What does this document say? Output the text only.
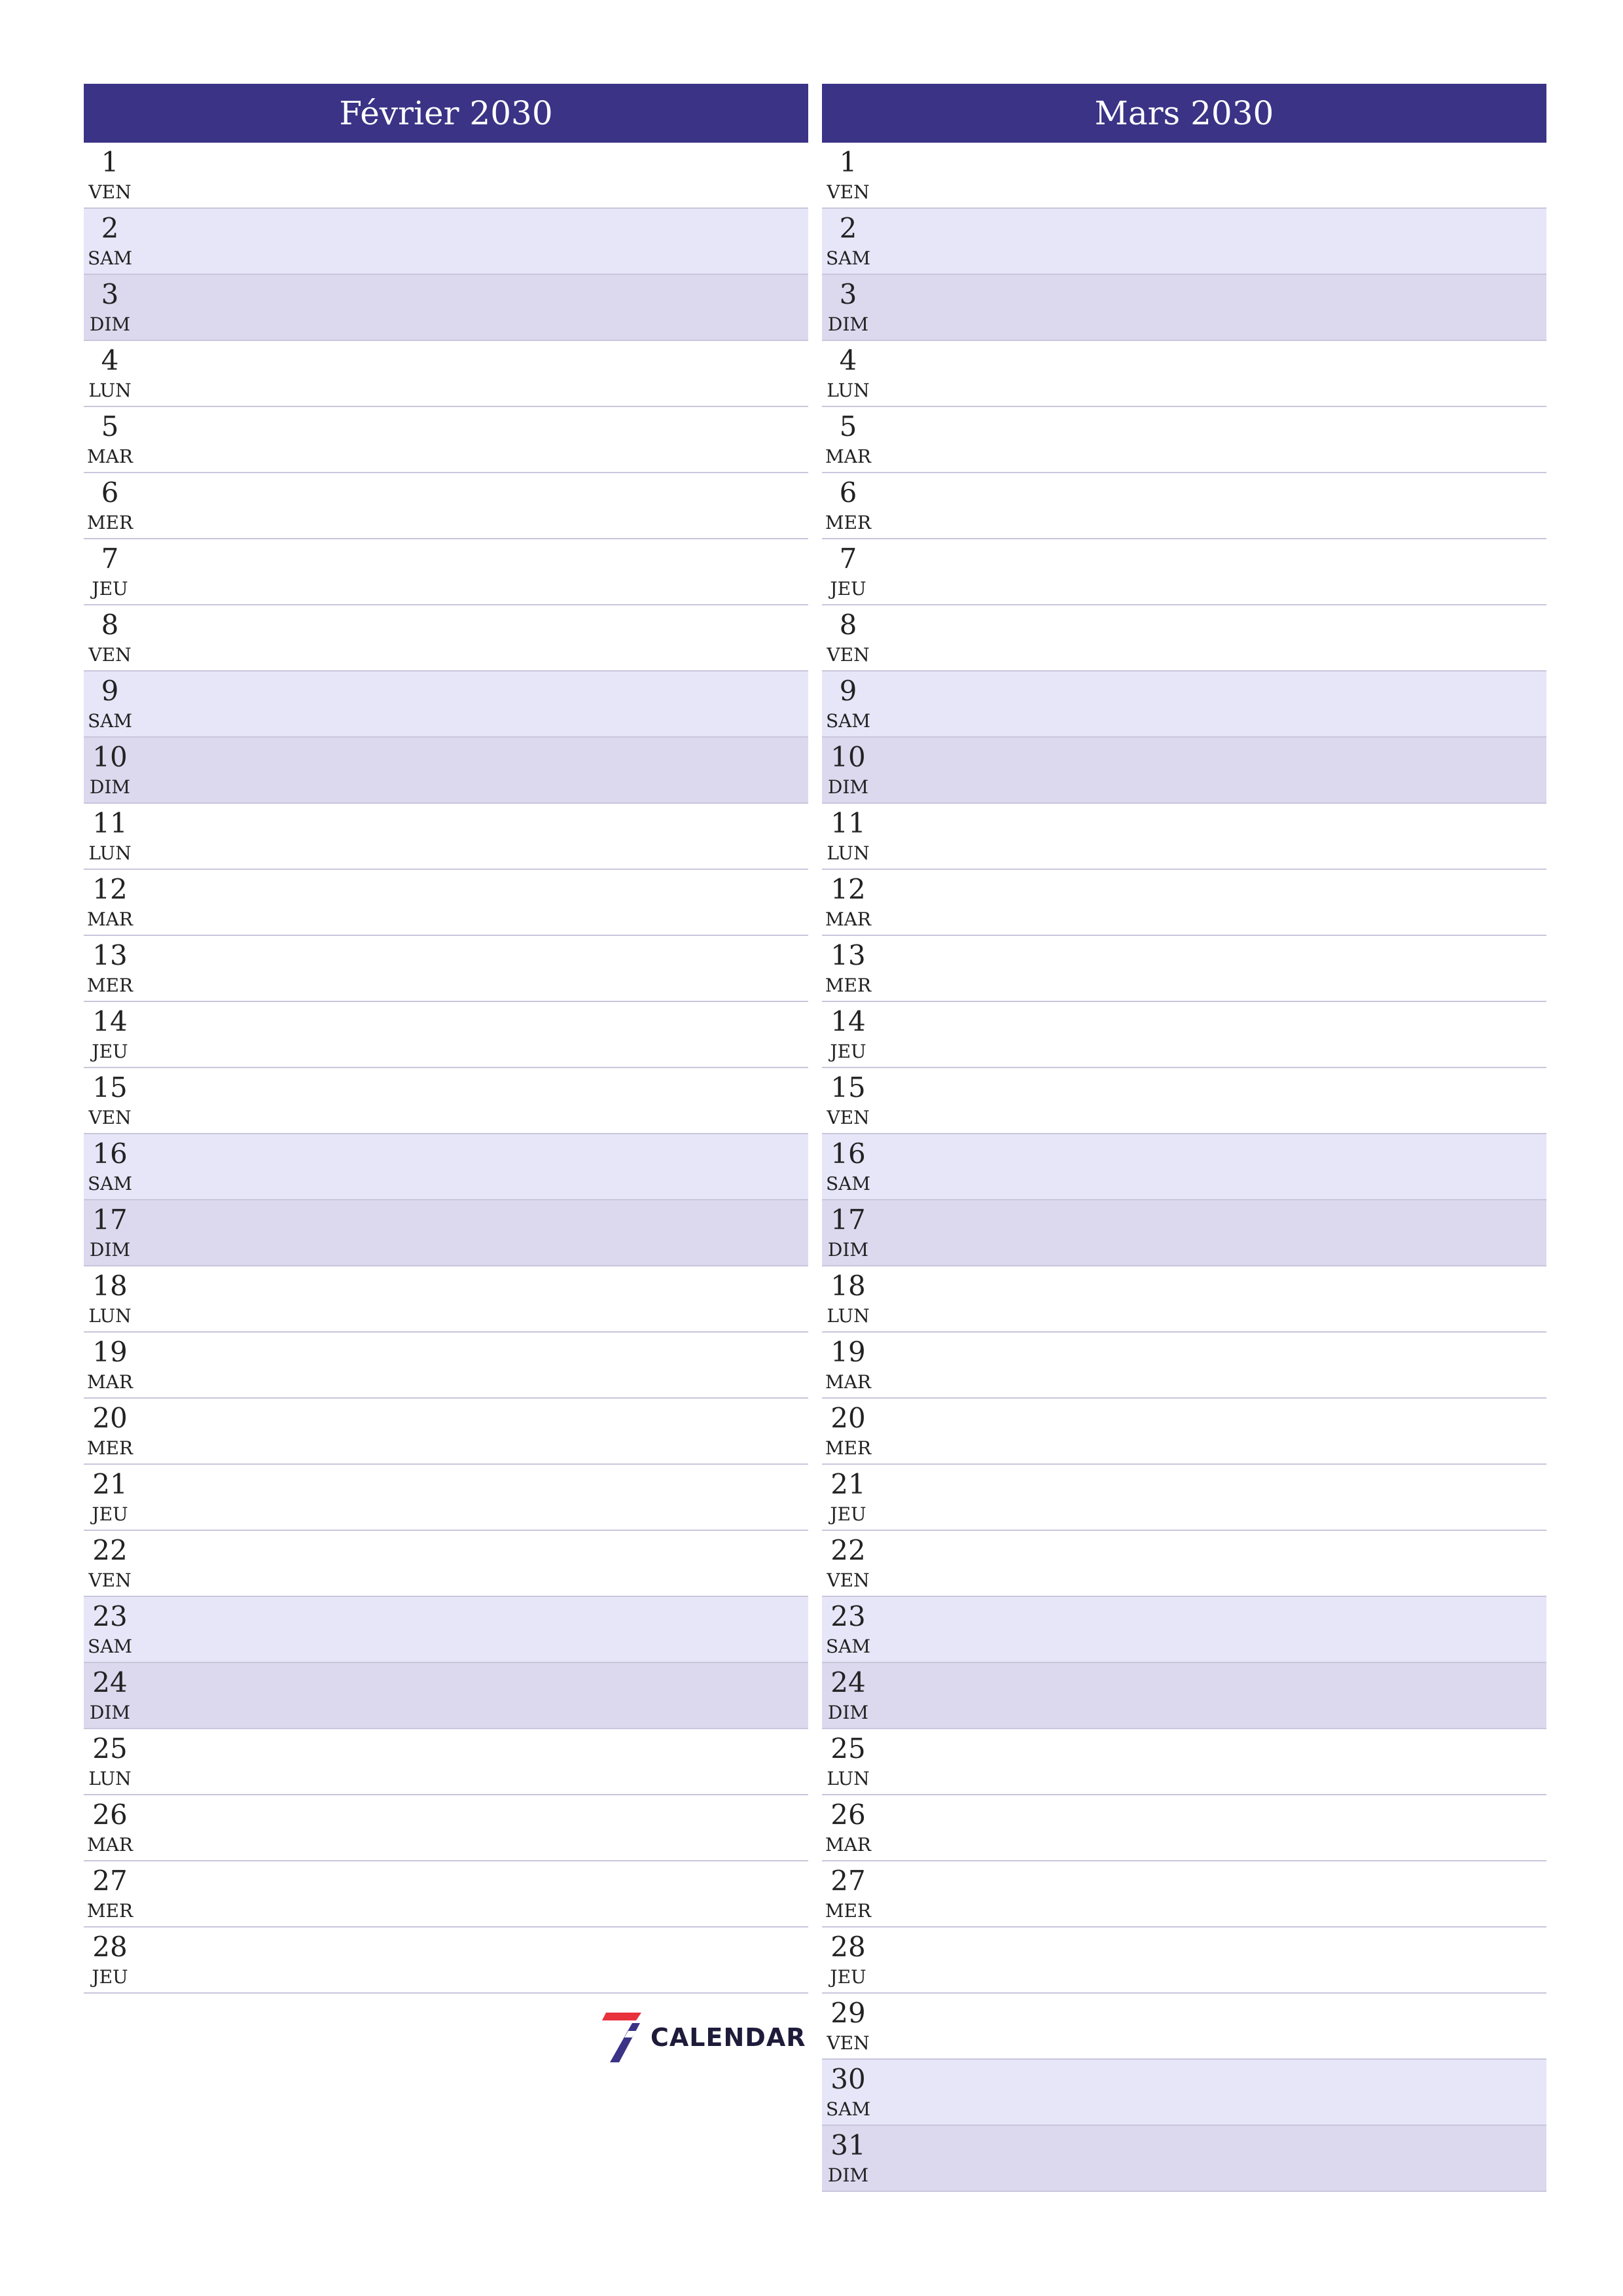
Février 2030
1
VEN
2
SAM
3
DIM
4
LUN
5
MAR
6
MER
7
JEU
8
VEN
9
SAM
10
DIM
11
LUN
12
MAR
13
MER
14
JEU
15
VEN
16
SAM
17
DIM
18
LUN
19
MAR
20
MER
21
JEU
22
VEN
23
SAM
24
DIM
25
LUN
26
MAR
27
MER
28
JEU
Mars 2030
1
VEN
2
SAM
3
DIM
4
LUN
5
MAR
6
MER
7
JEU
8
VEN
9
SAM
10
DIM
11
LUN
12
MAR
13
MER
14
JEU
15
VEN
16
SAM
17
DIM
18
LUN
19
MAR
20
MER
21
JEU
22
VEN
23
SAM
24
DIM
25
LUN
26
MAR
27
MER
28
JEU
29
VEN
30
SAM
31
DIM
CALENDAR
